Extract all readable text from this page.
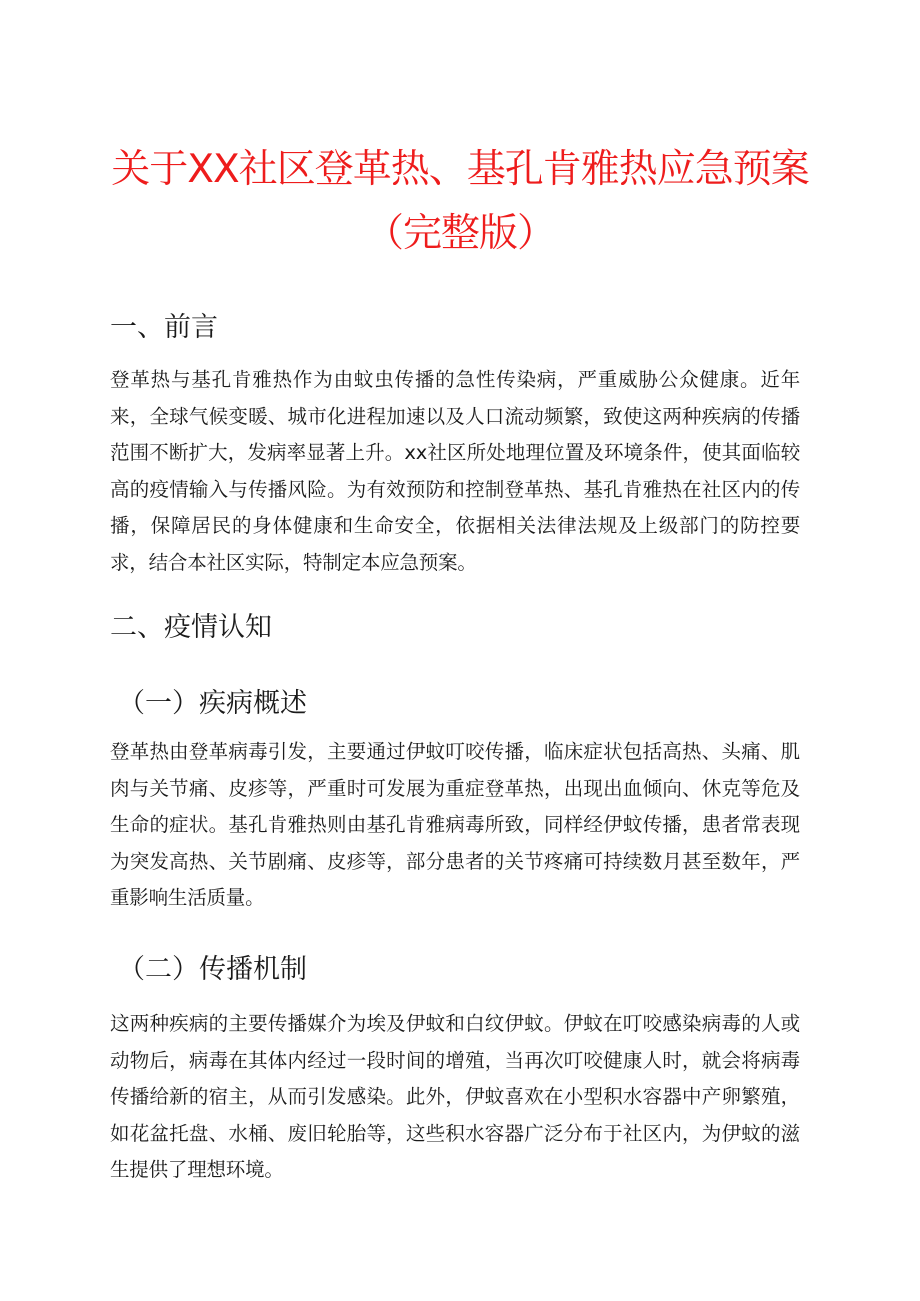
关于XX社区登革热、基孔肯雅热应急预案（完整版）
一、前言

登革热与基孔肯雅热作为由蚊虫传播的急性传染病，严重威胁公众健康。近年来，全球气候变暖、城市化进程加速以及人口流动频繁，致使这两种疾病的传播范围不断扩大，发病率显著上升。xx社区所处地理位置及环境条件，使其面临较高的疫情输入与传播风险。为有效预防和控制登革热、基孔肯雅热在社区内的传播，保障居民的身体健康和生命安全，依据相关法律法规及上级部门的防控要求，结合本社区实际，特制定本应急预案。

二、疫情认知
（一）疾病概述

登革热由登革病毒引发，主要通过伊蚊叮咬传播，临床症状包括高热、头痛、肌肉与关节痛、皮疹等，严重时可发展为重症登革热，出现出血倾向、休克等危及生命的症状。基孔肯雅热则由基孔肯雅病毒所致，同样经伊蚊传播，患者常表现为突发高热、关节剧痛、皮疹等，部分患者的关节疼痛可持续数月甚至数年，严重影响生活质量。

（二）传播机制

这两种疾病的主要传播媒介为埃及伊蚊和白纹伊蚊。伊蚊在叮咬感染病毒的人或动物后，病毒在其体内经过一段时间的增殖，当再次叮咬健康人时，就会将病毒传播给新的宿主，从而引发感染。此外，伊蚊喜欢在小型积水容器中产卵繁殖，如花盆托盘、水桶、废旧轮胎等，这些积水容器广泛分布于社区内，为伊蚊的滋生提供了理想环境。
